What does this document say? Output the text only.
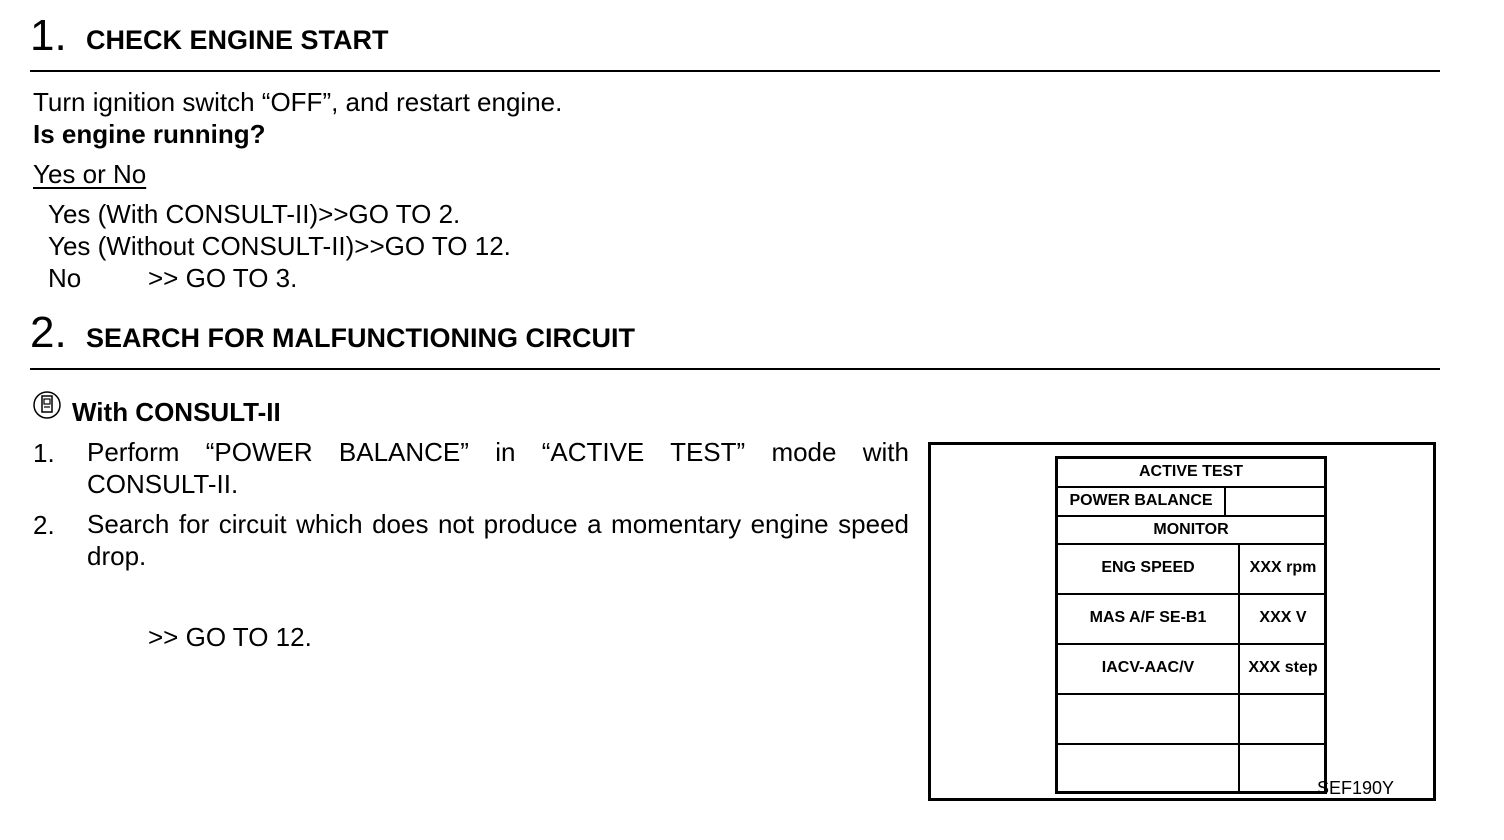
1. CHECK ENGINE START
Turn ignition switch “OFF”, and restart engine.
Is engine running?
Yes or No
Yes (With CONSULT-II)>>GO TO 2.
Yes (Without CONSULT-II)>>GO TO 12.
No	>> GO TO 3.
2. SEARCH FOR MALFUNCTIONING CIRCUIT
With CONSULT-II
1. Perform “POWER BALANCE” in “ACTIVE TEST” mode with CONSULT-II.
2. Search for circuit which does not produce a momentary engine speed drop.
>> GO TO 12.
ACTIVE TEST
POWER BALANCE
MONITOR
ENG SPEED	XXX rpm
MAS A/F SE-B1	XXX V
IACV-AAC/V	XXX step
SEF190Y
